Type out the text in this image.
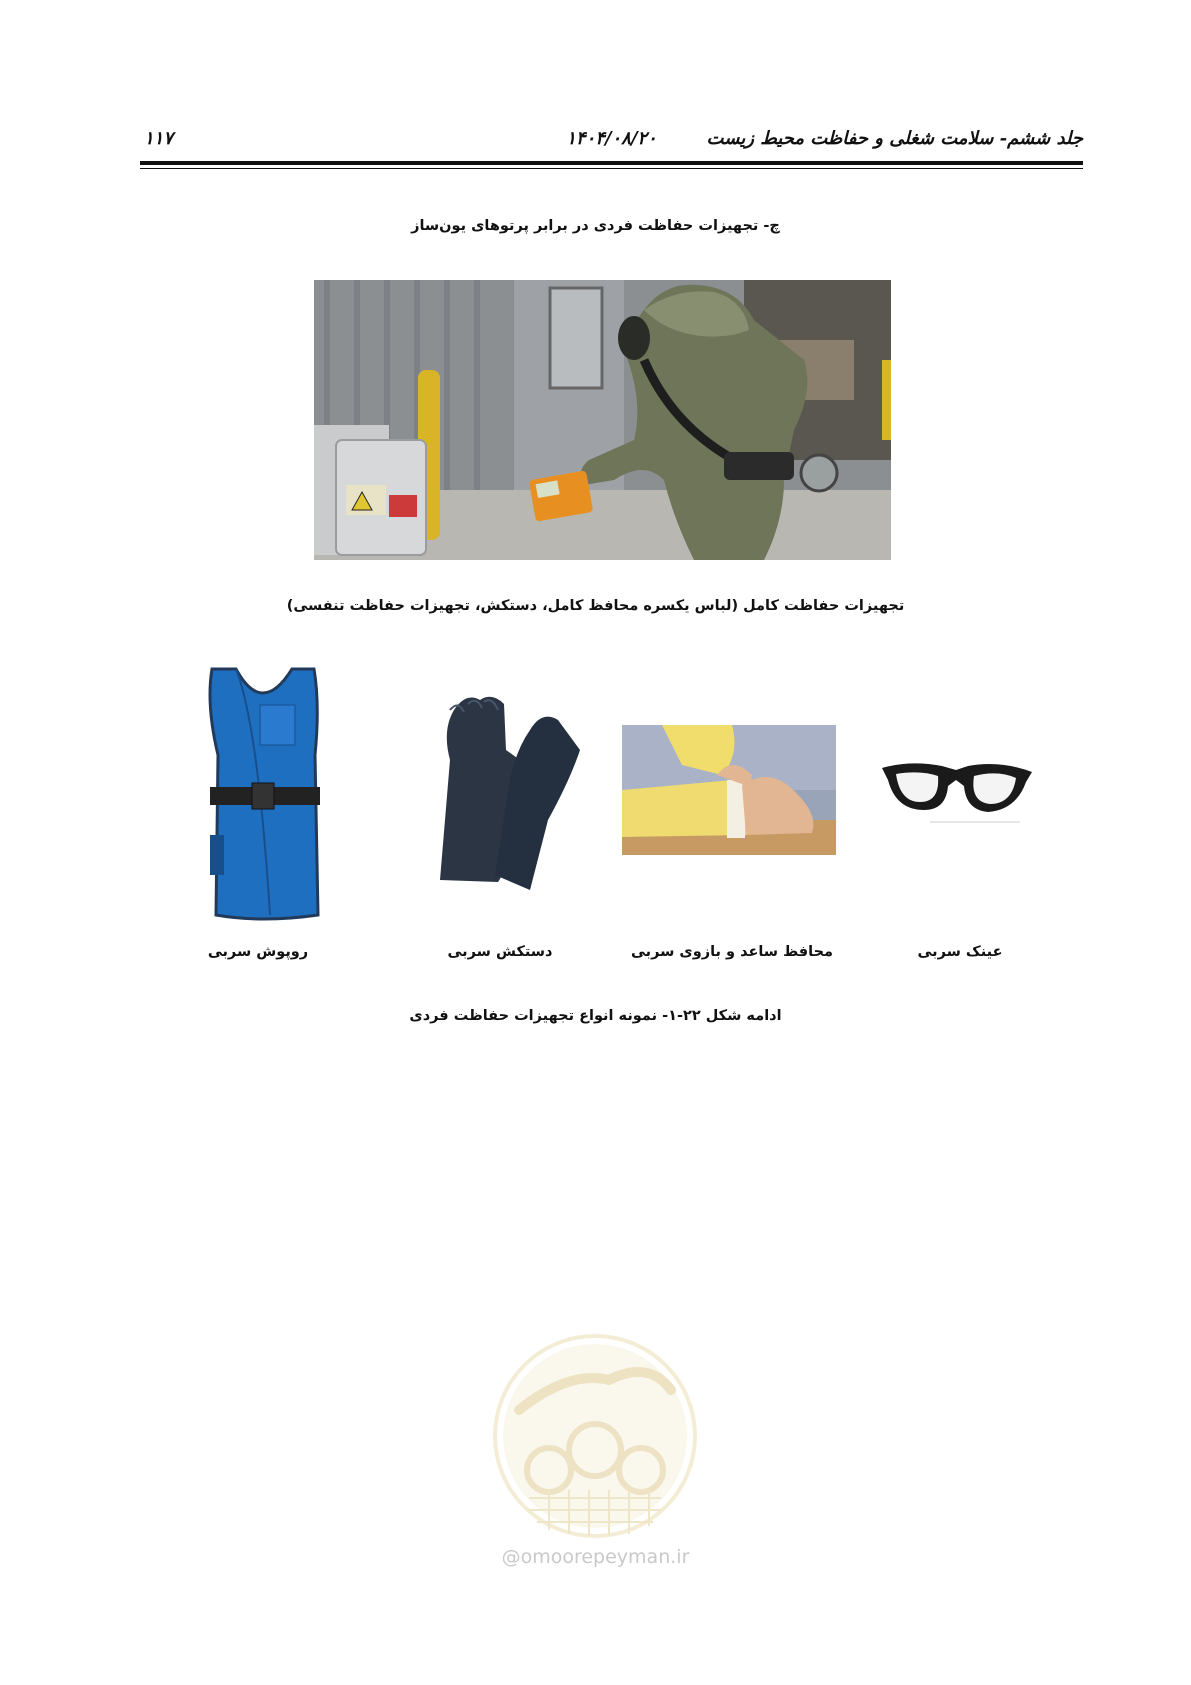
جلد ششم- سلامت شغلی و حفاظت محیط زیست
۱۴۰۴/۰۸/۲۰
۱۱۷
چ- تجهیزات حفاظت فردی در برابر پرتوهای یون‌ساز
تجهیزات حفاظت کامل (لباس یکسره محافظ کامل، دستکش، تجهیزات حفاظت تنفسی)
روپوش سربی	دستکش سربی	محافظ ساعد و بازوی سربی	عینک سربی
ادامه شکل ۲۲-۱- نمونه انواع تجهیزات حفاظت فردی
@omoorepeyman.ir
